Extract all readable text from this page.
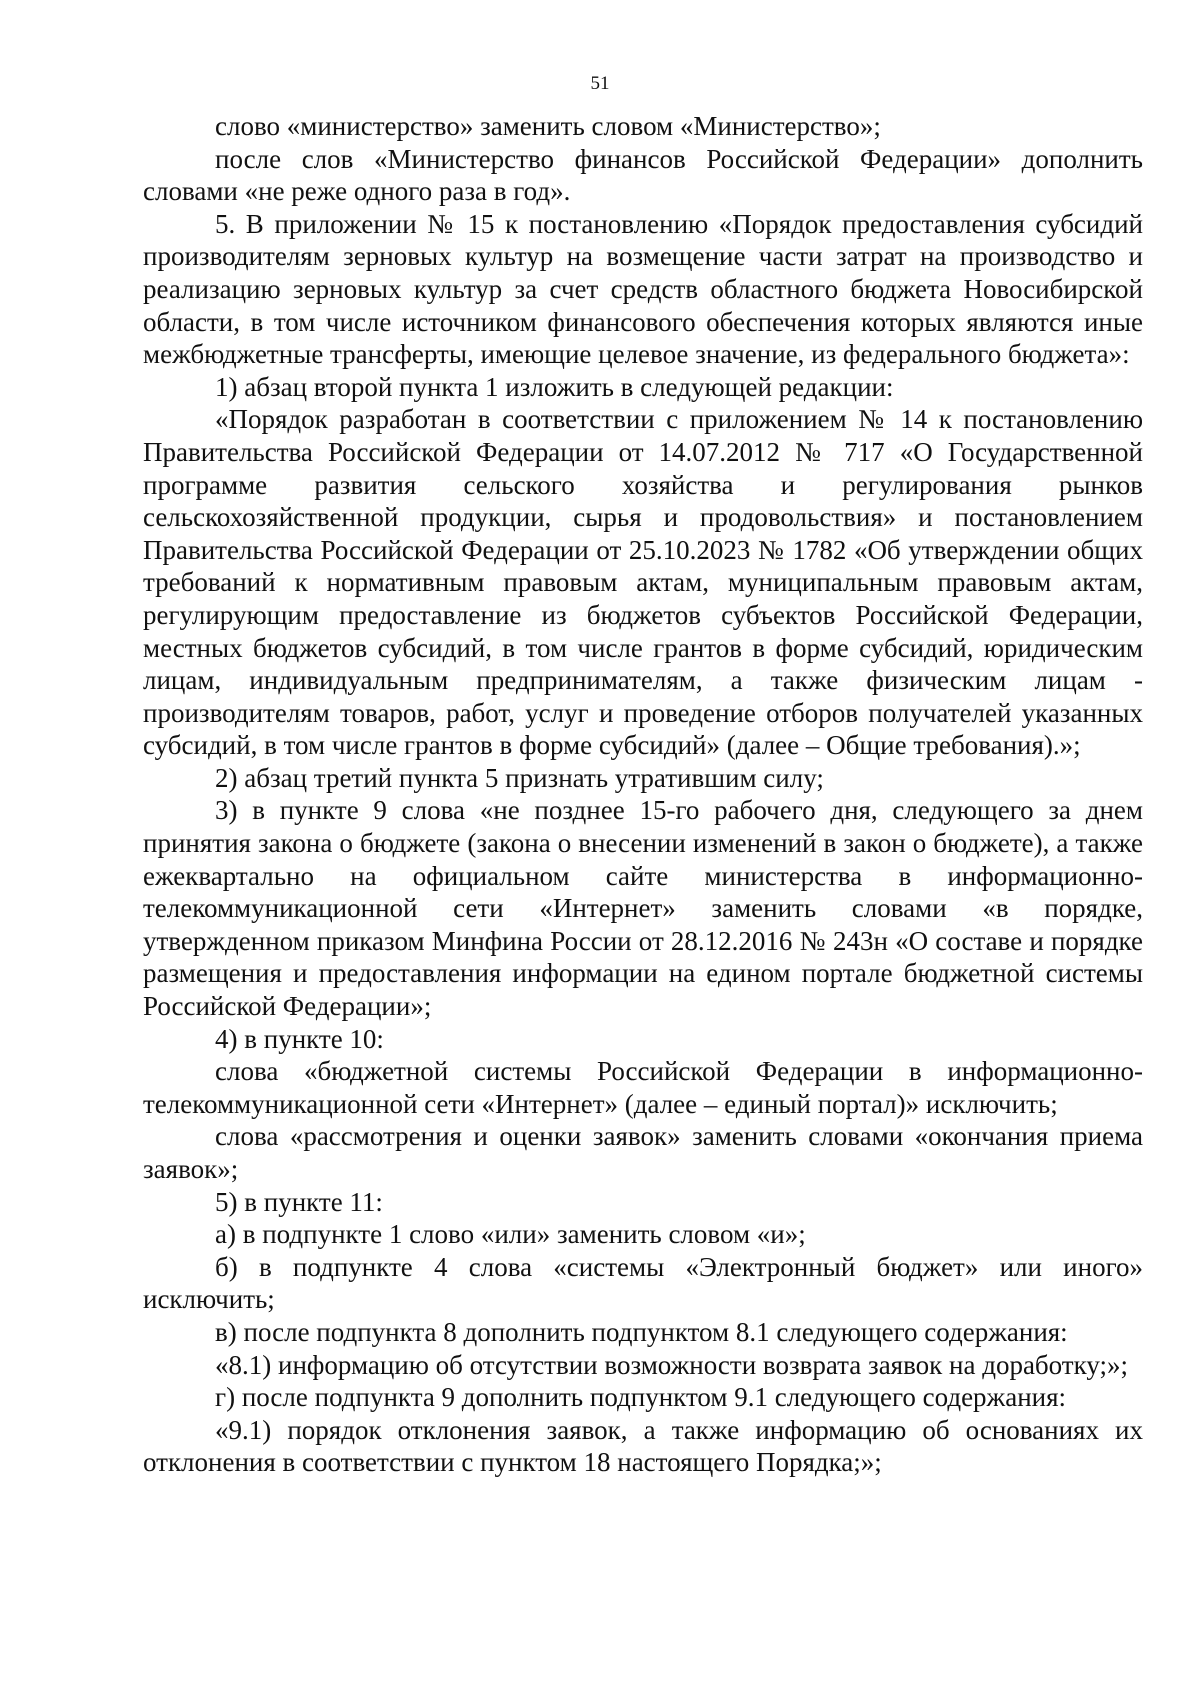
51

слово «министерство» заменить словом «Министерство»;

после слов «Министерство финансов Российской Федерации» дополнить словами «не реже одного раза в год».

5. В приложении № 15 к постановлению «Порядок предоставления субсидий производителям зерновых культур на возмещение части затрат на производство и реализацию зерновых культур за счет средств областного бюджета Новосибирской области, в том числе источником финансового обеспечения которых являются иные межбюджетные трансферты, имеющие целевое значение, из федерального бюджета»:

1) абзац второй пункта 1 изложить в следующей редакции:

«Порядок разработан в соответствии с приложением № 14 к постановлению Правительства Российской Федерации от 14.07.2012 № 717 «О Государственной программе развития сельского хозяйства и регулирования рынков сельскохозяйственной продукции, сырья и продовольствия» и постановлением Правительства Российской Федерации от 25.10.2023 № 1782 «Об утверждении общих требований к нормативным правовым актам, муниципальным правовым актам, регулирующим предоставление из бюджетов субъектов Российской Федерации, местных бюджетов субсидий, в том числе грантов в форме субсидий, юридическим лицам, индивидуальным предпринимателям, а также физическим лицам - производителям товаров, работ, услуг и проведение отборов получателей указанных субсидий, в том числе грантов в форме субсидий» (далее – Общие требования).»;

2) абзац третий пункта 5 признать утратившим силу;

3) в пункте 9 слова «не позднее 15-го рабочего дня, следующего за днем принятия закона о бюджете (закона о внесении изменений в закон о бюджете), а также ежеквартально на официальном сайте министерства в информационно-телекоммуникационной сети «Интернет» заменить словами «в порядке, утвержденном приказом Минфина России от 28.12.2016 № 243н «О составе и порядке размещения и предоставления информации на едином портале бюджетной системы Российской Федерации»;

4) в пункте 10:

слова «бюджетной системы Российской Федерации в информационно-телекоммуникационной сети «Интернет» (далее – единый портал)» исключить;

слова «рассмотрения и оценки заявок» заменить словами «окончания приема заявок»;

5) в пункте 11:

а) в подпункте 1 слово «или» заменить словом «и»;

б) в подпункте 4 слова «системы «Электронный бюджет» или иного» исключить;

в) после подпункта 8 дополнить подпунктом 8.1 следующего содержания:

«8.1) информацию об отсутствии возможности возврата заявок на доработку;»;

г) после подпункта 9 дополнить подпунктом 9.1 следующего содержания:

«9.1) порядок отклонения заявок, а также информацию об основаниях их отклонения в соответствии с пунктом 18 настоящего Порядка;»;
